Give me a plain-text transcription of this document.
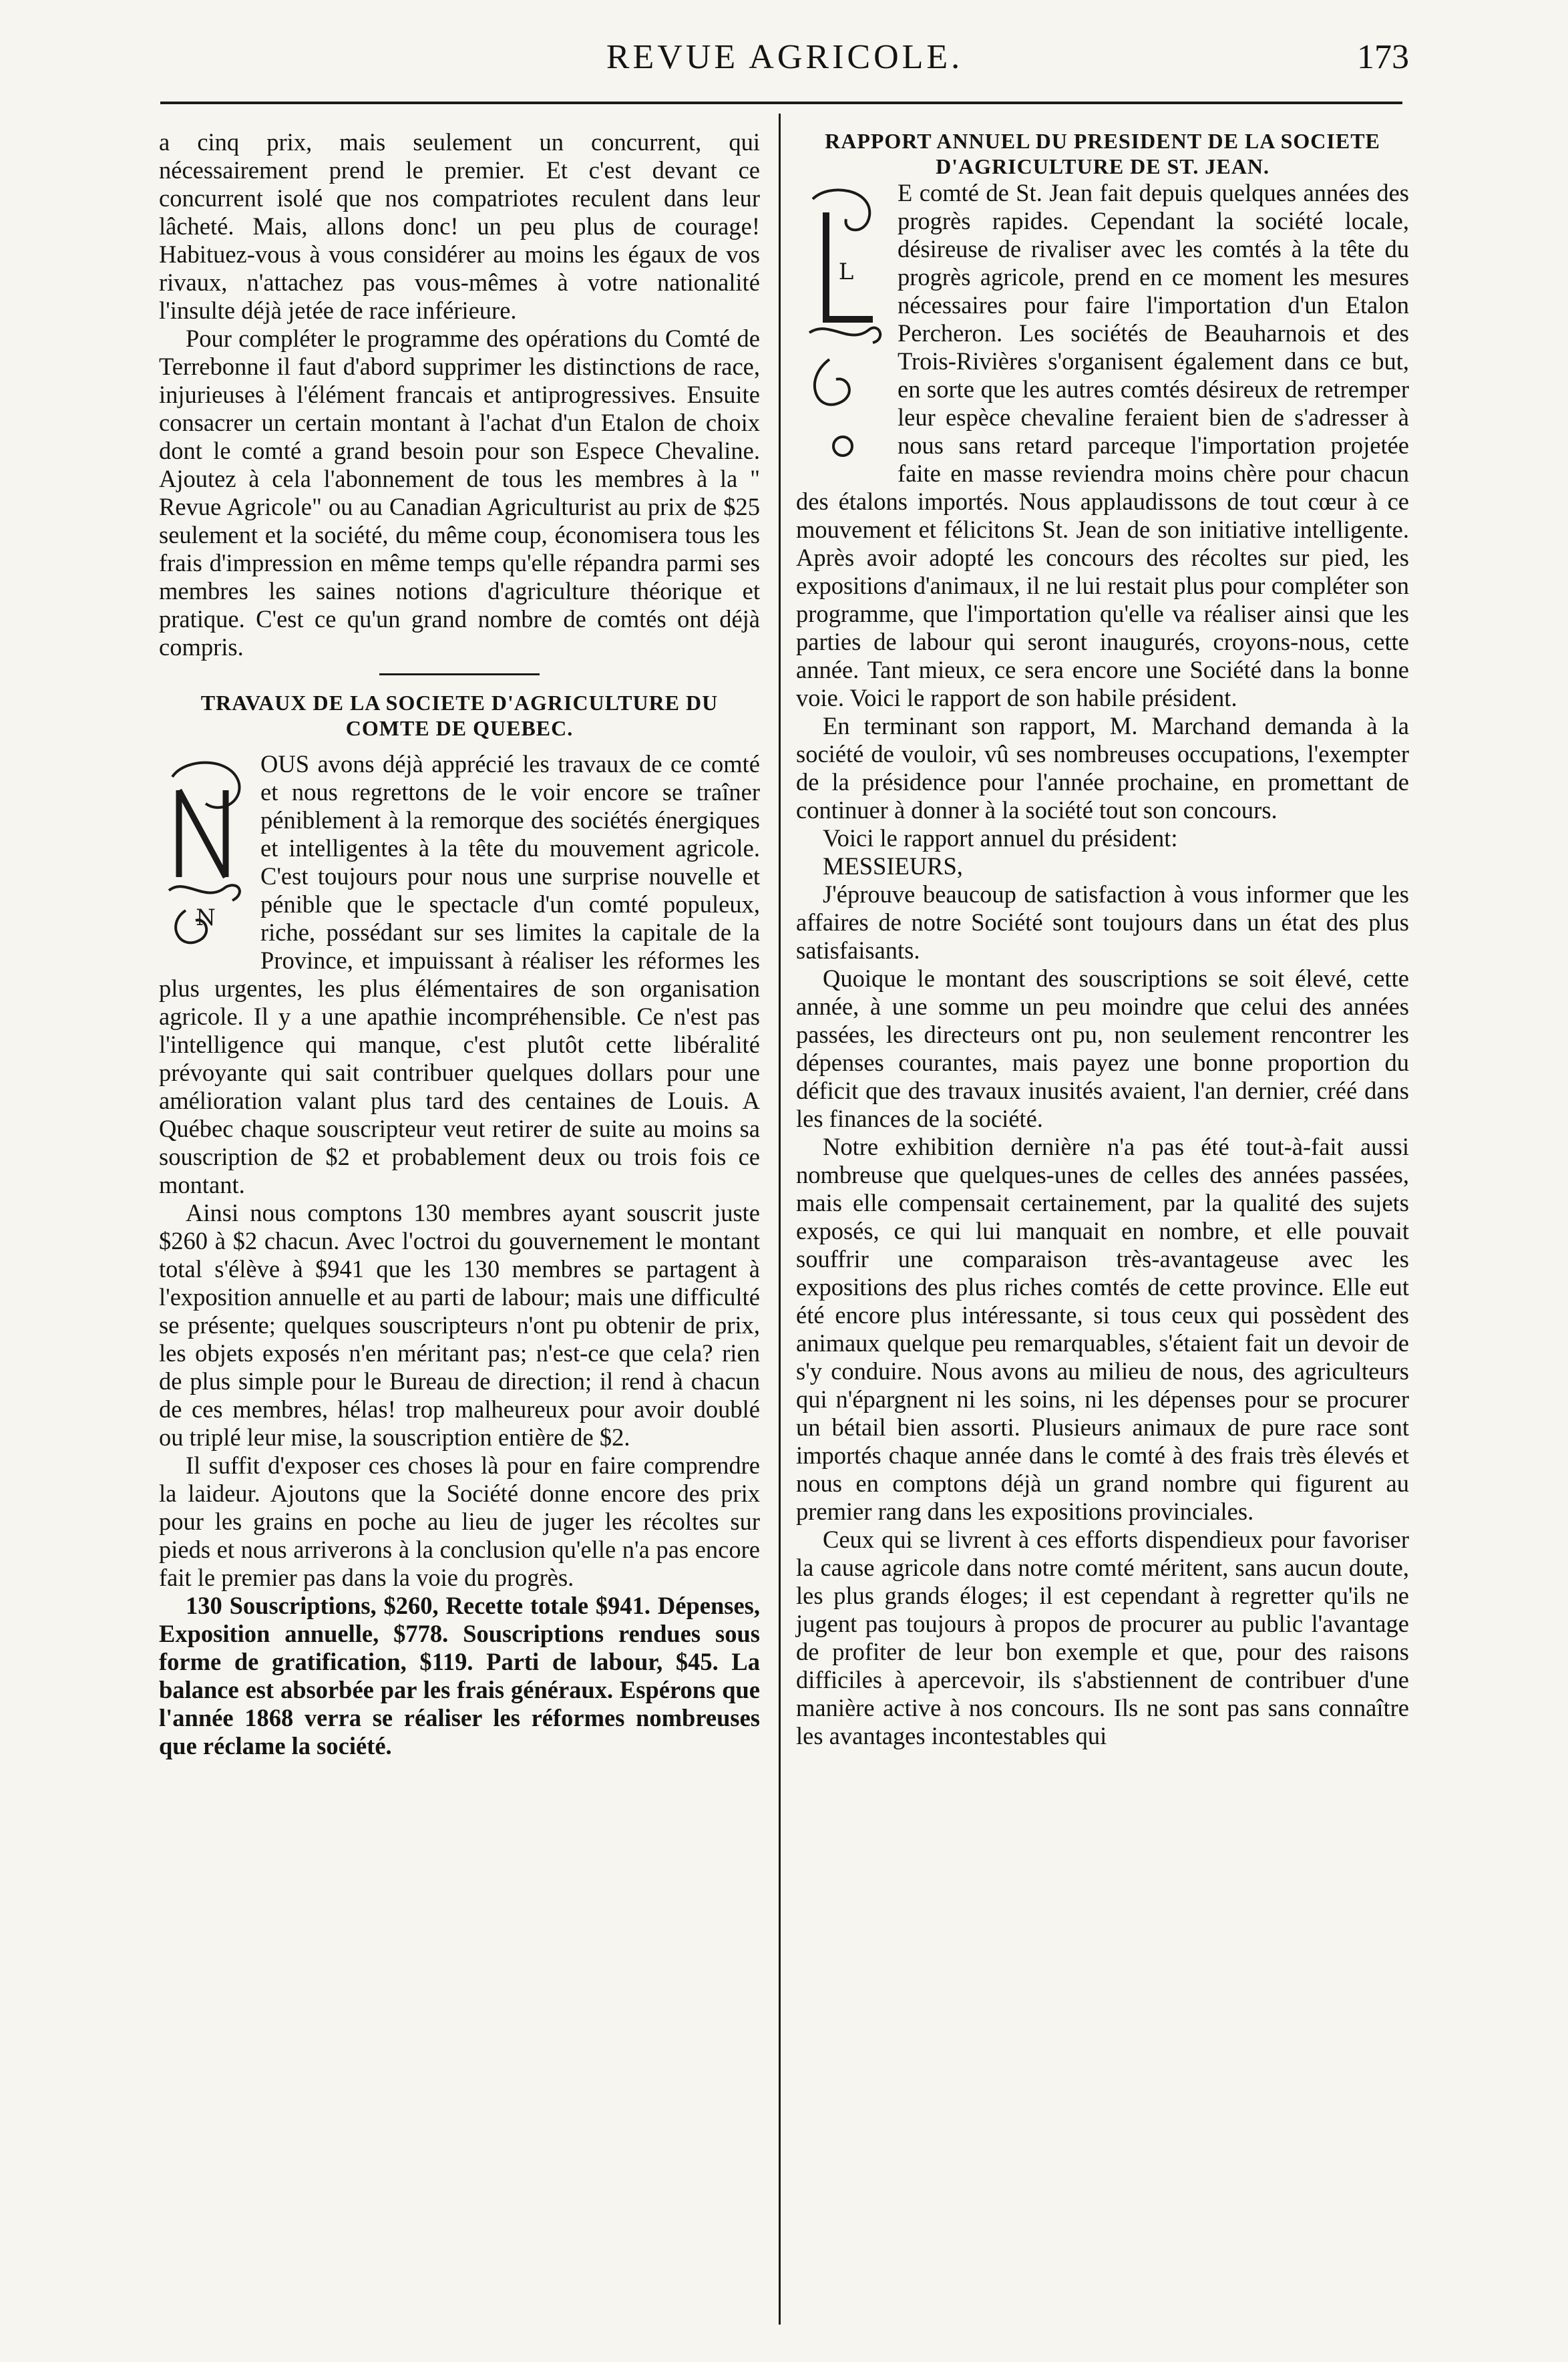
REVUE AGRICOLE.	173

a cinq prix, mais seulement un concurrent, qui nécessairement prend le premier. Et c'est devant ce concurrent isolé que nos compatriotes reculent dans leur lâcheté. Mais, allons donc! un peu plus de courage! Habituez-vous à vous considérer au moins les égaux de vos rivaux, n'attachez pas vous-mêmes à votre nationalité l'insulte déjà jetée de race inférieure.

Pour compléter le programme des opérations du Comté de Terrebonne il faut d'abord supprimer les distinctions de race, injurieuses à l'élément francais et antiprogressives. Ensuite consacrer un certain montant à l'achat d'un Etalon de choix dont le comté a grand besoin pour son Espece Chevaline. Ajoutez à cela l'abonnement de tous les membres à la " Revue Agricole" ou au Canadian Agriculturist au prix de $25 seulement et la société, du même coup, économisera tous les frais d'impression en même temps qu'elle répandra parmi ses membres les saines notions d'agriculture théorique et pratique. C'est ce qu'un grand nombre de comtés ont déjà compris.

TRAVAUX DE LA SOCIETE D'AGRICULTURE DU COMTE DE QUEBEC.

N

OUS avons déjà apprécié les travaux de ce comté et nous regrettons de le voir encore se traîner péniblement à la remorque des sociétés énergiques et intelligentes à la tête du mouvement agricole. C'est toujours pour nous une surprise nouvelle et pénible que le spectacle d'un comté populeux, riche, possédant sur ses limites la capitale de la Province, et impuissant à réaliser les réformes les plus urgentes, les plus élémentaires de son organisation agricole. Il y a une apathie incompréhensible. Ce n'est pas l'intelligence qui manque, c'est plutôt cette libéralité prévoyante qui sait contribuer quelques dollars pour une amélioration valant plus tard des centaines de Louis. A Québec chaque souscripteur veut retirer de suite au moins sa souscription de $2 et probablement deux ou trois fois ce montant.

Ainsi nous comptons 130 membres ayant souscrit juste $260 à $2 chacun. Avec l'octroi du gouvernement le montant total s'élève à $941 que les 130 membres se partagent à l'exposition annuelle et au parti de labour; mais une difficulté se présente; quelques souscripteurs n'ont pu obtenir de prix, les objets exposés n'en méritant pas; n'est-ce que cela? rien de plus simple pour le Bureau de direction; il rend à chacun de ces membres, hélas! trop malheureux pour avoir doublé ou triplé leur mise, la souscription entière de $2.

Il suffit d'exposer ces choses là pour en faire comprendre la laideur. Ajoutons que la Société donne encore des prix pour les grains en poche au lieu de juger les récoltes sur pieds et nous arriverons à la conclusion qu'elle n'a pas encore fait le premier pas dans la voie du progrès.

130 Souscriptions, $260, Recette totale $941. Dépenses, Exposition annuelle, $778. Souscriptions rendues sous forme de gratification, $119. Parti de labour, $45. La balance est absorbée par les frais généraux. Espérons que l'année 1868 verra se réaliser les réformes nombreuses que réclame la société.

RAPPORT ANNUEL DU PRESIDENT DE LA SOCIETE D'AGRICULTURE DE ST. JEAN.

L

E comté de St. Jean fait depuis quelques années des progrès rapides. Cependant la société locale, désireuse de rivaliser avec les comtés à la tête du progrès agricole, prend en ce moment les mesures nécessaires pour faire l'importation d'un Etalon Percheron. Les sociétés de Beauharnois et des Trois-Rivières s'organisent également dans ce but, en sorte que les autres comtés désireux de retremper leur espèce chevaline feraient bien de s'adresser à nous sans retard parceque l'importation projetée faite en masse reviendra moins chère pour chacun des étalons importés. Nous applaudissons de tout cœur à ce mouvement et félicitons St. Jean de son initiative intelligente. Après avoir adopté les concours des récoltes sur pied, les expositions d'animaux, il ne lui restait plus pour compléter son programme, que l'importation qu'elle va réaliser ainsi que les parties de labour qui seront inaugurés, croyons-nous, cette année. Tant mieux, ce sera encore une Société dans la bonne voie. Voici le rapport de son habile président.

En terminant son rapport, M. Marchand demanda à la société de vouloir, vû ses nombreuses occupations, l'exempter de la présidence pour l'année prochaine, en promettant de continuer à donner à la société tout son concours.

Voici le rapport annuel du président:

MESSIEURS,

J'éprouve beaucoup de satisfaction à vous informer que les affaires de notre Société sont toujours dans un état des plus satisfaisants.

Quoique le montant des souscriptions se soit élevé, cette année, à une somme un peu moindre que celui des années passées, les directeurs ont pu, non seulement rencontrer les dépenses courantes, mais payez une bonne proportion du déficit que des travaux inusités avaient, l'an dernier, créé dans les finances de la société.

Notre exhibition dernière n'a pas été tout-à-fait aussi nombreuse que quelques-unes de celles des années passées, mais elle compensait certainement, par la qualité des sujets exposés, ce qui lui manquait en nombre, et elle pouvait souffrir une comparaison très-avantageuse avec les expositions des plus riches comtés de cette province. Elle eut été encore plus intéressante, si tous ceux qui possèdent des animaux quelque peu remarquables, s'étaient fait un devoir de s'y conduire. Nous avons au milieu de nous, des agriculteurs qui n'épargnent ni les soins, ni les dépenses pour se procurer un bétail bien assorti. Plusieurs animaux de pure race sont importés chaque année dans le comté à des frais très élevés et nous en comptons déjà un grand nombre qui figurent au premier rang dans les expositions provinciales.

Ceux qui se livrent à ces efforts dispendieux pour favoriser la cause agricole dans notre comté méritent, sans aucun doute, les plus grands éloges; il est cependant à regretter qu'ils ne jugent pas toujours à propos de procurer au public l'avantage de profiter de leur bon exemple et que, pour des raisons difficiles à apercevoir, ils s'abstiennent de contribuer d'une manière active à nos concours. Ils ne sont pas sans connaître les avantages incontestables qui
